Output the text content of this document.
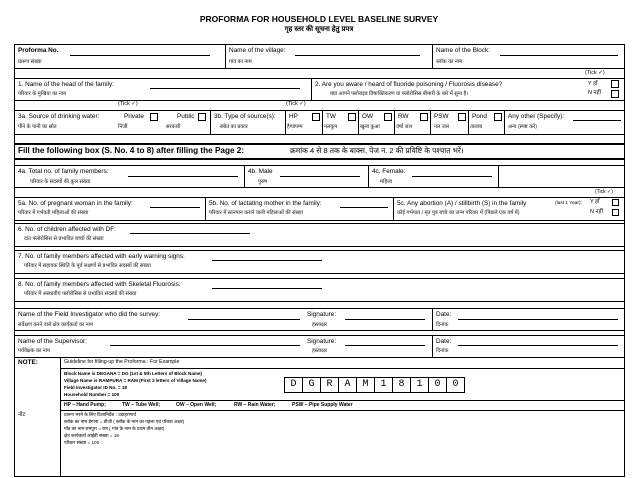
PROFORMA FOR HOUSEHOLD LEVEL BASELINE SURVEY
गृह स्तर की सूचना हेतु प्रपत्र
Proforma No.
प्रारूप संख्या
Name of the village:
गांव का नाम
Name of the Block:
ब्लॉक का नाम
(Tick ✓)
1. Name of the head of the family:
परिवार के मुखिया का नाम
2. Are you aware / heard of fluoride poisoning / Fluorosis disease?
क्या आपने फ्लोराइड विषाक्तिकरण या फ्लोरोसिस बीमारी के बारे में सुना है।
Y हाँ
N नहीं
(Tick ✓)	(Tick ✓)
3a. Source of drinking water:
पीने के पानी का स्रोत
Private
निजी
Public
सरकारी
3b. Type of source(s):
स्त्रोत का प्रकार
HP
हैण्डपम्प
TW
नलकूप
OW
खुला कुआ
RW
वर्षा जल
PSW
नल जल
Pond
तालाब
Any other (Specify):
अन्य (स्पष्ट करे)
Fill the following box (S. No. 4 to 8) after filling the Page 2:	क्रमांक 4 से 8 तक के बाक्स, पेज न. 2 की प्रविष्टि के पश्चात भरें।
4a. Total no. of family members:
परिवार के सदस्यों की कुल संख्या
4b. Male
पुरुष
4c. Female:
महिला
(Tick ✓)
5a. No. of pregnant woman in the family:
परिवार में गर्भवती महिलाओं की संख्या
5b. No. of lactating mother in the family:
परिवार में स्तनपान कराने वाली महिलाओं की संख्या
5c. Any abortion (A) / stillbirth (S) in the family	(last 1 Year):
कोई गर्भपात / मृत पुत्र बच्चे का जन्म परिवार में (पिछले एक वर्ष में)
Y हाँ
N नहीं
6. No. of children affected with DF:
दांत फ्लोरोसिस से प्रभावित बच्चों की संख्या
7. No. of family members affected with early warning signs:
परिवार में सहायक स्थिति के पूर्व लक्षणों से प्रभावित सदस्यों की संख्या
8. No. of family members affected with Skeletal Fluorosis:
परिवार में अस्थायीय फ्लोरोसिस से प्रभावित सदस्यों की संख्या
Name of the Field Investigator who did the survey:
सर्वेक्षण करने वाले क्षेत्र कार्यकर्ता का नाम
Signature:
हस्ताक्षर
Date:
दिनांक
Name of the Supervisor:
पर्यवेक्षक का नाम
Signature:
हस्ताक्षर
Date:
दिनांक
NOTE:	Guideline for filling-up the Proforma : For Example
Block Name is DEGANA = DG (1st & 5th Letters of Block Name)
Village Name is RAMPURA = RAM (First 3 letters of Village Name)
Field Investigator ID No. = 18
Household Number = 100
D	G	R	A	M	1	8	1	0	0
HP – Hand Pump;	TW – Tube Well;	OW – Open Well;	RW – Rain Water;	PSW – Pipe Supply Water
नोट	प्रारूप भरने के लिए दिशानिर्देश : उदाहरणार्थ
ब्लॉक का नाम डेगाना = डीजी ( ब्लॉक के नाम का पहला एवं पाँचवा अक्षर)
गाँव का नाम रामपुरा = राम ( गांव के नाम के प्रथम तीन अक्षर)
क्षेत्र कार्यकर्ता आईडी संख्या = 18
परिवार संख्या = 100
